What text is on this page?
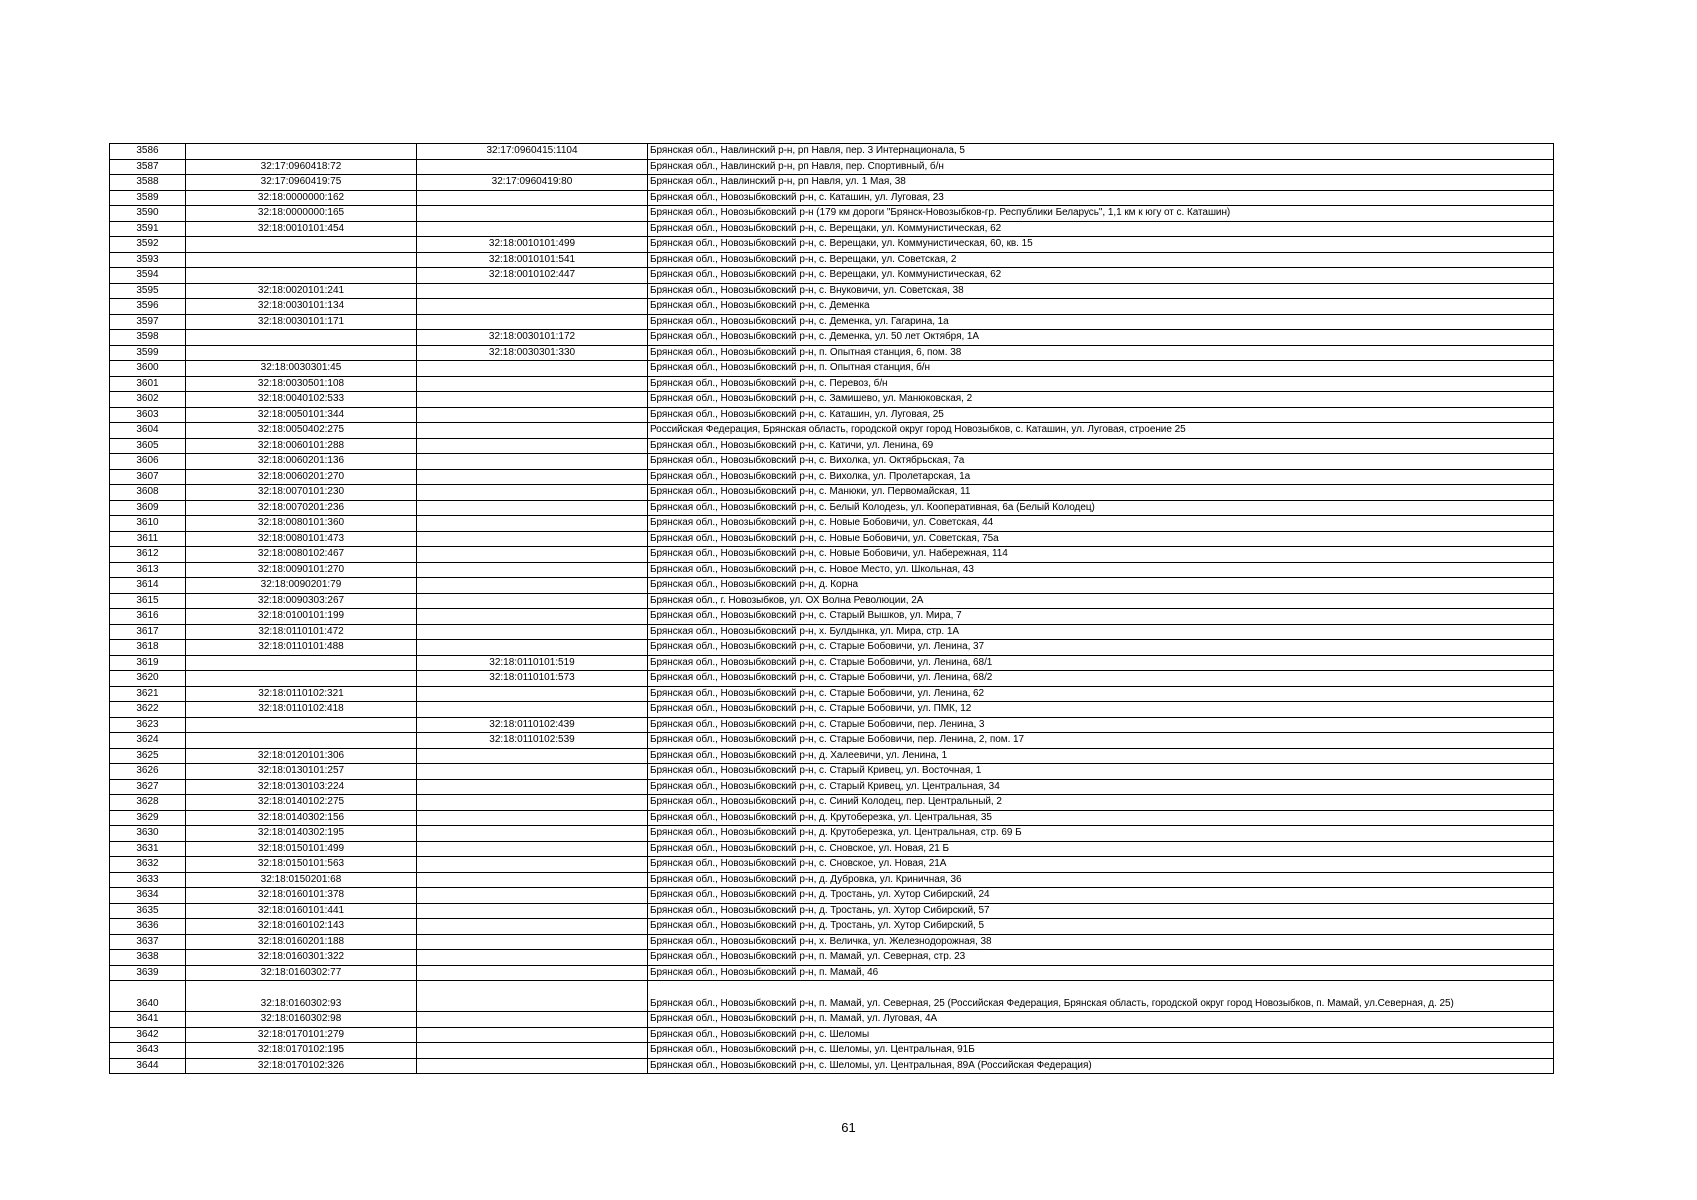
3586		32:17:0960415:1104	Брянская обл., Навлинский р-н, рп Навля, пер. 3 Интернационала, 5
3587	32:17:0960418:72		Брянская обл., Навлинский р-н, рп Навля, пер. Спортивный, б/н
3588	32:17:0960419:75	32:17:0960419:80	Брянская обл., Навлинский р-н, рп Навля, ул. 1 Мая, 38
3589	32:18:0000000:162		Брянская обл., Новозыбковский р-н, с. Каташин, ул. Луговая, 23
3590	32:18:0000000:165		Брянская обл., Новозыбковский р-н (179 км дороги "Брянск-Новозыбков-гр. Республики Беларусь", 1,1 км к югу от с. Каташин)
3591	32:18:0010101:454		Брянская обл., Новозыбковский р-н, с. Верещаки, ул. Коммунистическая, 62
3592		32:18:0010101:499	Брянская обл., Новозыбковский р-н, с. Верещаки, ул. Коммунистическая, 60, кв. 15
3593		32:18:0010101:541	Брянская обл., Новозыбковский р-н, с. Верещаки, ул. Советская, 2
3594		32:18:0010102:447	Брянская обл., Новозыбковский р-н, с. Верещаки, ул. Коммунистическая, 62
3595	32:18:0020101:241		Брянская обл., Новозыбковский р-н, с. Внуковичи, ул. Советская, 38
3596	32:18:0030101:134		Брянская обл., Новозыбковский р-н, с. Деменка
3597	32:18:0030101:171		Брянская обл., Новозыбковский р-н, с. Деменка, ул. Гагарина, 1а
3598		32:18:0030101:172	Брянская обл., Новозыбковский р-н, с. Деменка, ул. 50 лет Октября, 1А
3599		32:18:0030301:330	Брянская обл., Новозыбковский р-н, п. Опытная станция, 6, пом. 38
3600	32:18:0030301:45		Брянская обл., Новозыбковский р-н, п. Опытная станция, б/н
3601	32:18:0030501:108		Брянская обл., Новозыбковский р-н, с. Перевоз, б/н
3602	32:18:0040102:533		Брянская обл., Новозыбковский р-н, с. Замишево, ул. Манюковская, 2
3603	32:18:0050101:344		Брянская обл., Новозыбковский р-н, с. Каташин, ул. Луговая, 25
3604	32:18:0050402:275		Российская Федерация, Брянская область, городской округ город Новозыбков, с. Каташин, ул. Луговая, строение 25
3605	32:18:0060101:288		Брянская обл., Новозыбковский р-н, с. Катичи, ул. Ленина, 69
3606	32:18:0060201:136		Брянская обл., Новозыбковский р-н, с. Вихолка, ул. Октябрьская, 7а
3607	32:18:0060201:270		Брянская обл., Новозыбковский р-н, с. Вихолка, ул. Пролетарская, 1а
3608	32:18:0070101:230		Брянская обл., Новозыбковский р-н, с. Манюки, ул. Первомайская, 11
3609	32:18:0070201:236		Брянская обл., Новозыбковский р-н, с. Белый Колодезь, ул. Кооперативная, 6а (Белый Колодец)
3610	32:18:0080101:360		Брянская обл., Новозыбковский р-н, с. Новые Бобовичи, ул. Советская, 44
3611	32:18:0080101:473		Брянская обл., Новозыбковский р-н, с. Новые Бобовичи, ул. Советская, 75а
3612	32:18:0080102:467		Брянская обл., Новозыбковский р-н, с. Новые Бобовичи, ул. Набережная, 114
3613	32:18:0090101:270		Брянская обл., Новозыбковский р-н, с. Новое Место, ул. Школьная, 43
3614	32:18:0090201:79		Брянская обл., Новозыбковский р-н, д. Корна
3615	32:18:0090303:267		Брянская обл., г. Новозыбков, ул. ОХ Волна Революции, 2А
3616	32:18:0100101:199		Брянская обл., Новозыбковский р-н, с. Старый Вышков, ул. Мира, 7
3617	32:18:0110101:472		Брянская обл., Новозыбковский р-н, х. Булдынка, ул. Мира, стр. 1А
3618	32:18:0110101:488		Брянская обл., Новозыбковский р-н, с. Старые Бобовичи, ул. Ленина, 37
3619		32:18:0110101:519	Брянская обл., Новозыбковский р-н, с. Старые Бобовичи, ул. Ленина, 68/1
3620		32:18:0110101:573	Брянская обл., Новозыбковский р-н, с. Старые Бобовичи, ул. Ленина, 68/2
3621	32:18:0110102:321		Брянская обл., Новозыбковский р-н, с. Старые Бобовичи, ул. Ленина, 62
3622	32:18:0110102:418		Брянская обл., Новозыбковский р-н, с. Старые Бобовичи, ул. ПМК, 12
3623		32:18:0110102:439	Брянская обл., Новозыбковский р-н, с. Старые Бобовичи, пер. Ленина, 3
3624		32:18:0110102:539	Брянская обл., Новозыбковский р-н, с. Старые Бобовичи, пер. Ленина, 2, пом. 17
3625	32:18:0120101:306		Брянская обл., Новозыбковский р-н, д. Халеевичи, ул. Ленина, 1
3626	32:18:0130101:257		Брянская обл., Новозыбковский р-н, с. Старый Кривец, ул. Восточная, 1
3627	32:18:0130103:224		Брянская обл., Новозыбковский р-н, с. Старый Кривец, ул. Центральная, 34
3628	32:18:0140102:275		Брянская обл., Новозыбковский р-н, с. Синий Колодец, пер. Центральный, 2
3629	32:18:0140302:156		Брянская обл., Новозыбковский р-н, д. Крутоберезка, ул. Центральная, 35
3630	32:18:0140302:195		Брянская обл., Новозыбковский р-н, д. Крутоберезка, ул. Центральная, стр. 69 Б
3631	32:18:0150101:499		Брянская обл., Новозыбковский р-н, с. Сновское, ул. Новая, 21 Б
3632	32:18:0150101:563		Брянская обл., Новозыбковский р-н, с. Сновское, ул. Новая, 21А
3633	32:18:0150201:68		Брянская обл., Новозыбковский р-н, д. Дубровка, ул. Криничная, 36
3634	32:18:0160101:378		Брянская обл., Новозыбковский р-н, д. Тростань, ул. Хутор Сибирский, 24
3635	32:18:0160101:441		Брянская обл., Новозыбковский р-н, д. Тростань, ул. Хутор Сибирский, 57
3636	32:18:0160102:143		Брянская обл., Новозыбковский р-н, д. Тростань, ул. Хутор Сибирский, 5
3637	32:18:0160201:188		Брянская обл., Новозыбковский р-н, х. Величка, ул. Железнодорожная, 38
3638	32:18:0160301:322		Брянская обл., Новозыбковский р-н, п. Мамай, ул. Северная, стр. 23
3639	32:18:0160302:77		Брянская обл., Новозыбковский р-н, п. Мамай, 46
3640	32:18:0160302:93		Брянская обл., Новозыбковский р-н, п. Мамай, ул. Северная, 25 (Российская Федерация, Брянская область, городской округ город Новозыбков, п. Мамай, ул.Северная, д. 25)
3641	32:18:0160302:98		Брянская обл., Новозыбковский р-н, п. Мамай, ул. Луговая, 4А
3642	32:18:0170101:279		Брянская обл., Новозыбковский р-н, с. Шеломы
3643	32:18:0170102:195		Брянская обл., Новозыбковский р-н, с. Шеломы, ул. Центральная, 91Б
3644	32:18:0170102:326		Брянская обл., Новозыбковский р-н, с. Шеломы, ул. Центральная, 89А (Российская Федерация)
61
